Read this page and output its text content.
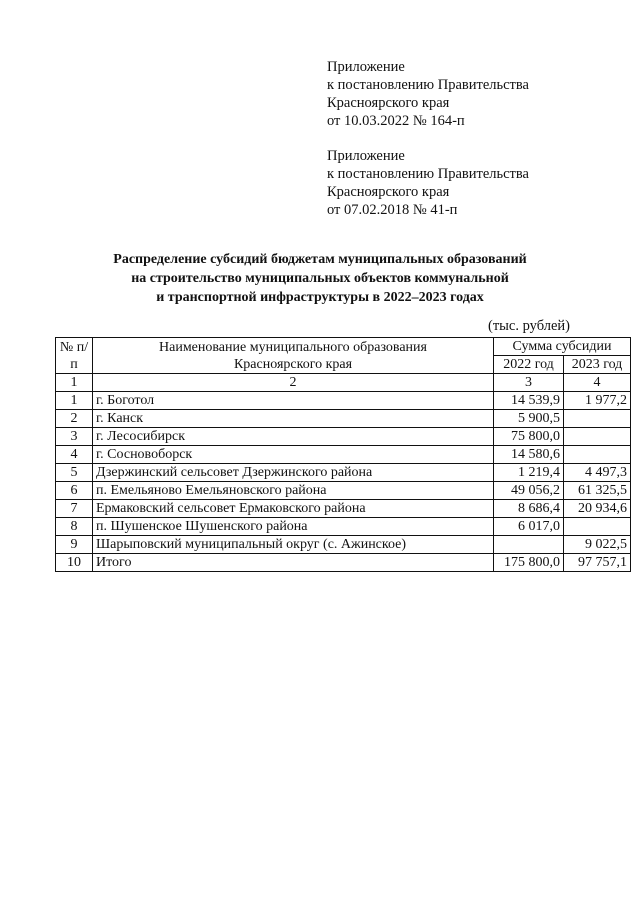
Приложение
к постановлению Правительства
Красноярского края
от 10.03.2022 № 164-п
Приложение
к постановлению Правительства
Красноярского края
от 07.02.2018 № 41-п
Распределение субсидий бюджетам муниципальных образований
на строительство муниципальных объектов коммунальной
и транспортной инфраструктуры в 2022–2023 годах
(тыс. рублей)
№ п/п	Наименование муниципального образования Красноярского края	Сумма субсидии	
		2022 год	2023 год
1	2	3	4
1	г. Боготол	14 539,9	1 977,2
2	г. Канск	5 900,5	
3	г. Лесосибирск	75 800,0	
4	г. Сосновоборск	14 580,6	
5	Дзержинский сельсовет Дзержинского района	1 219,4	4 497,3
6	п. Емельяново Емельяновского района	49 056,2	61 325,5
7	Ермаковский сельсовет Ермаковского района	8 686,4	20 934,6
8	п. Шушенское Шушенского района	6 017,0	
9	Шарыповский муниципальный округ (с. Ажинское)		9 022,5
10	Итого	175 800,0	97 757,1
